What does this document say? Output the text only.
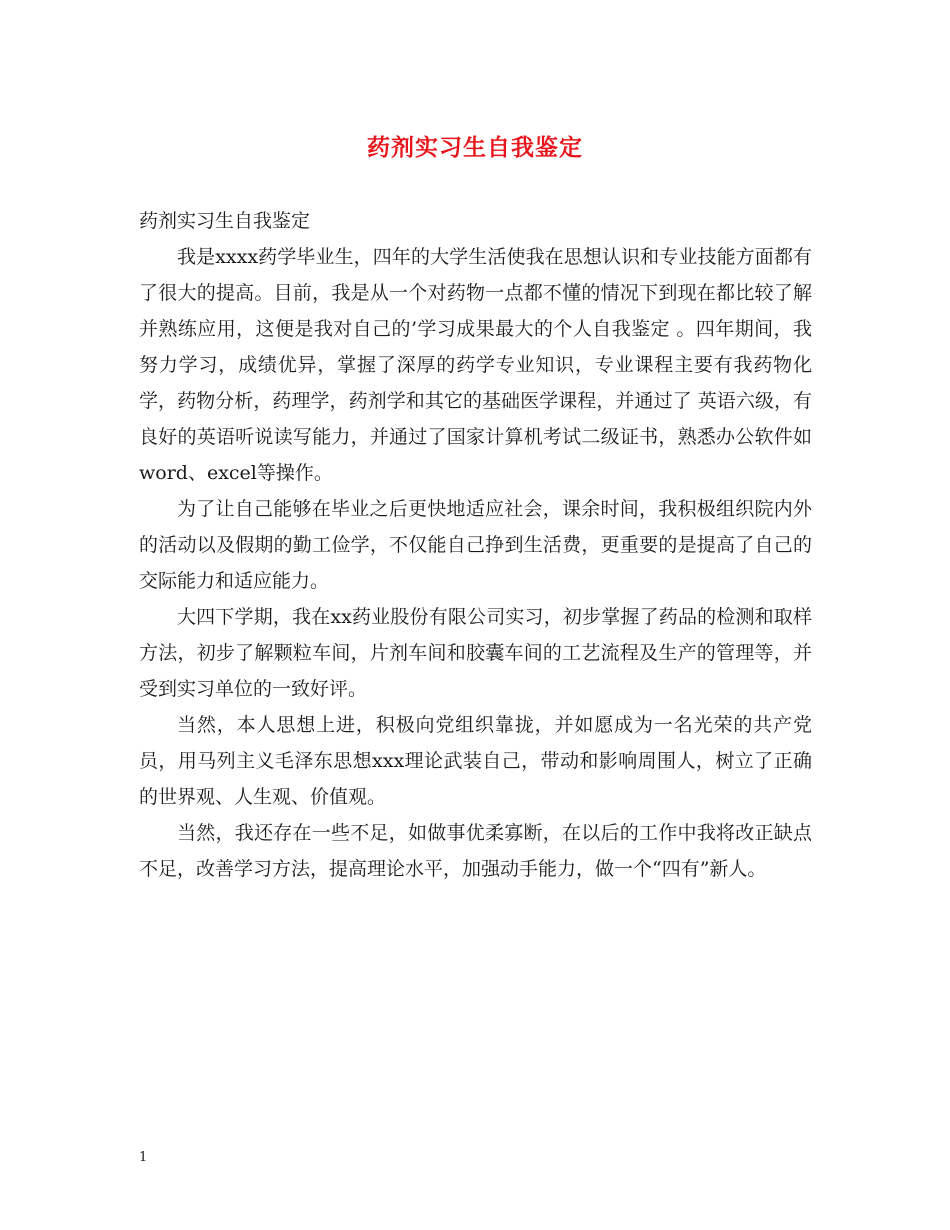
药剂实习生自我鉴定

药剂实习生自我鉴定

我是xxxx药学毕业生，四年的大学生活使我在思想认识和专业技能方面都有了很大的提高。目前，我是从一个对药物一点都不懂的情况下到现在都比较了解并熟练应用，这便是我对自己的’学习成果最大的个人自我鉴定 。四年期间，我努力学习，成绩优异，掌握了深厚的药学专业知识，专业课程主要有我药物化学，药物分析，药理学，药剂学和其它的基础医学课程，并通过了 英语六级，有良好的英语听说读写能力，并通过了国家计算机考试二级证书，熟悉办公软件如word、excel等操作。

为了让自己能够在毕业之后更快地适应社会，课余时间，我积极组织院内外的活动以及假期的勤工俭学，不仅能自己挣到生活费，更重要的是提高了自己的交际能力和适应能力。

大四下学期，我在xx药业股份有限公司实习，初步掌握了药品的检测和取样方法，初步了解颗粒车间，片剂车间和胶囊车间的工艺流程及生产的管理等，并受到实习单位的一致好评。

当然，本人思想上进，积极向党组织靠拢，并如愿成为一名光荣的共产党员，用马列主义毛泽东思想xxx理论武装自己，带动和影响周围人，树立了正确的世界观、人生观、价值观。

当然，我还存在一些不足，如做事优柔寡断，在以后的工作中我将改正缺点不足，改善学习方法，提高理论水平，加强动手能力，做一个“四有”新人。

1
